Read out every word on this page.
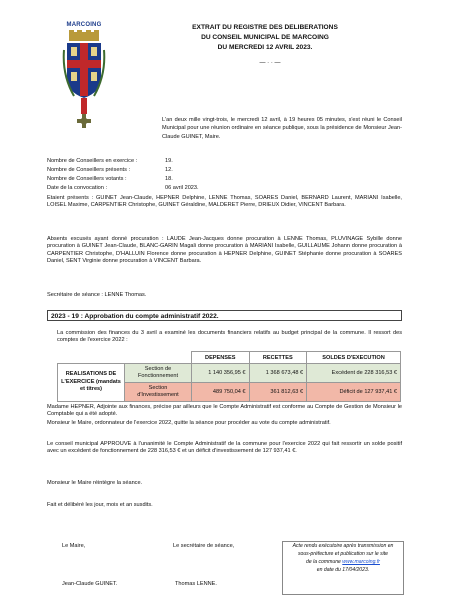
MARCOING	EXTRAIT DU REGISTRE DES DELIBERATIONS
DU CONSEIL MUNICIPAL DE MARCOING
DU MERCREDI 12 AVRIL 2023.
— · · —
L'an deux mille vingt-trois, le mercredi 12 avril, à 19 heures 05 minutes, s'est réuni le Conseil Municipal pour une réunion ordinaire en séance publique, sous la présidence de Monsieur Jean-Claude GUINET, Maire.
Nombre de Conseillers en exercice :	19.
Nombre de Conseillers présents :	12.
Nombre de Conseillers votants :	18.
Date de la convocation :	06 avril 2023.
Etaient présents : GUINET Jean-Claude, HEPNER Delphine, LENNE Thomas, SOARES Daniel, BERNARD Laurent, MARIANI Isabelle, LOISEL Maxime, CARPENTIER Christophe, GUINET Géraldine, MALDERET Pierre, DRIEUX Didier, VINCENT Barbara.
Absents excusés ayant donné procuration : LAUDE Jean-Jacques donne procuration à LENNE Thomas, PLUVINAGE Sybille donne procuration à GUINET Jean-Claude, BLANC-GARIN Magali donne procuration à MARIANI Isabelle, GUILLAUME Johann donne procuration à CARPENTIER Christophe, D'HALLUIN Florence donne procuration à HEPNER Delphine, GUINET Stéphanie donne procuration à SOARES Daniel, SENT Virginie donne procuration à VINCENT Barbara.
Secrétaire de séance : LENNE Thomas.
2023 - 19 : Approbation du compte administratif 2022.
La commission des finances du 3 avril a examiné les documents financiers relatifs au budget principal de la commune. Il ressort des comptes de l'exercice 2022 :
		DEPENSES	RECETTES	SOLDES D'EXECUTION
REALISATIONS DE L'EXERCICE (mandats et titres)	Section de Fonctionnement	1 140 356,95 €	1 368 673,48 €	Excédent de 228 316,53 €
	Section d'Investissement	489 750,04 €	361 812,63 €	Déficit de 127 937,41 €
Madame HEPNER, Adjointe aux finances, précise par ailleurs que le Compte Administratif est conforme au Compte de Gestion de Monsieur le Comptable qui a été adopté.
Monsieur le Maire, ordonnateur de l'exercice 2022, quitte la séance pour procéder au vote du compte administratif.
Le conseil municipal APPROUVE à l'unanimité le Compte Administratif de la commune pour l'exercice 2022 qui fait ressortir un solde positif avec un excédent de fonctionnement de 228 316,53 € et un déficit d'investissement de 127 937,41 €.
Monsieur le Maire réintègre la séance.
Fait et délibéré les jour, mois et an susdits.
Le Maire,	Le secrétaire de séance,
Jean-Claude GUINET.	Thomas LENNE.
Acte rendu exécutoire après transmission en
sous-préfecture et publication sur le site
de la commune www.marcoing.fr
en date du 17/04/2023.
